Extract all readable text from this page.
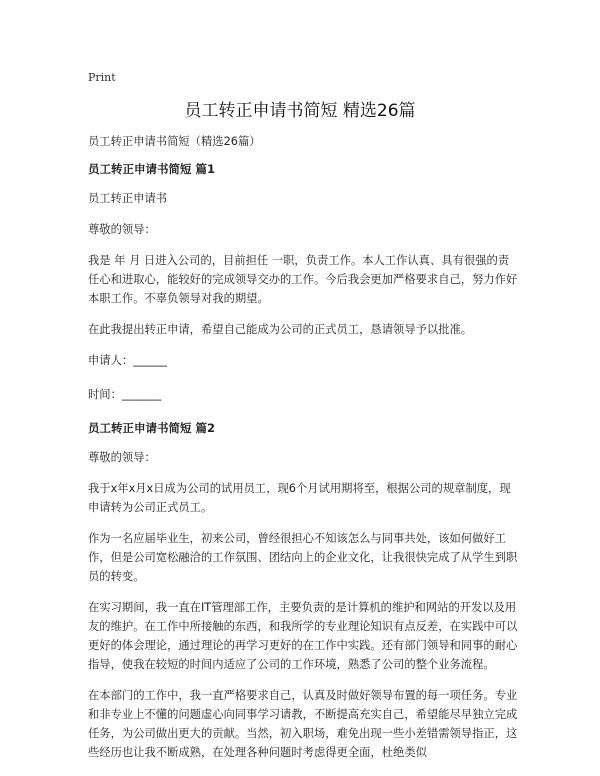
Print
员工转正申请书简短 精选26篇

员工转正申请书简短（精选26篇）

员工转正申请书简短 篇1

员工转正申请书

尊敬的领导：

我是 年 月 日进入公司的，目前担任 一职，负责工作。本人工作认真、具有很强的责任心和进取心，能较好的完成领导交办的工作。今后我会更加严格要求自己，努力作好本职工作。不辜负领导对我的期望。

在此我提出转正申请，希望自己能成为公司的正式员工，恳请领导予以批准。

申请人：______

时间：_______

员工转正申请书简短 篇2

尊敬的领导：

我于x年x月x日成为公司的试用员工，现6个月试用期将至，根据公司的规章制度，现申请转为公司正式员工。

作为一名应届毕业生，初来公司，曾经很担心不知该怎么与同事共处，该如何做好工作，但是公司宽松融洽的工作氛围、团结向上的企业文化，让我很快完成了从学生到职员的转变。

在实习期间，我一直在IT管理部工作，主要负责的是计算机的维护和网站的开发以及用友的维护。在工作中所接触的东西，和我所学的专业理论知识有点反差，在实践中可以更好的体会理论，通过理论的再学习更好的在工作中实践。还有部门领导和同事的耐心指导，使我在较短的时间内适应了公司的工作环境，熟悉了公司的整个业务流程。

在本部门的工作中，我一直严格要求自己，认真及时做好领导布置的每一项任务。专业和非专业上不懂的问题虚心向同事学习请教，不断提高充实自己，希望能尽早独立完成任务，为公司做出更大的贡献。当然，初入职场，难免出现一些小差错需领导指正，这些经历也让我不断成熟，在处理各种问题时考虑得更全面，杜绝类似
